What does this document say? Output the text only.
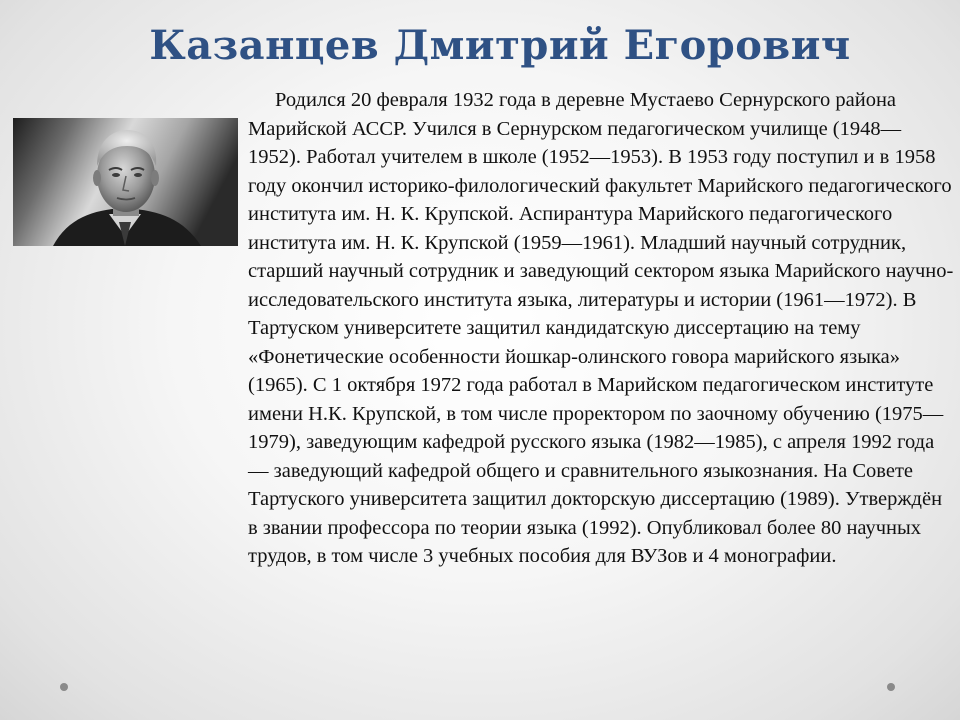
Казанцев Дмитрий Егорович

Родился 20 февраля 1932 года в деревне Мустаево Сернурского района Марийской АССР. Учился в Сернурском педагогическом училище (1948—1952). Работал учителем в школе (1952—1953). В 1953 году поступил и в 1958 году окончил историко-филологический факультет Марийского педагогического института им. Н. К. Крупской. Аспирантура Марийского педагогического института им. Н. К. Крупской (1959—1961). Младший научный сотрудник, старший научный сотрудник и заведующий сектором языка Марийского научно-исследовательского института языка, литературы и истории (1961—1972). В Тартуском университете защитил кандидатскую диссертацию на тему «Фонетические особенности йошкар-олинского говора марийского языка» (1965). С 1 октября 1972 года работал в Марийском педагогическом институте имени Н.К. Крупской, в том числе проректором по заочному обучению (1975—1979), заведующим кафедрой русского языка (1982—1985), с апреля 1992 года — заведующий кафедрой общего и сравнительного языкознания. На Совете Тартуского университета защитил докторскую диссертацию (1989). Утверждён в звании профессора по теории языка (1992). Опубликовал более 80 научных трудов, в том числе 3 учебных пособия для ВУЗов и 4 монографии.
